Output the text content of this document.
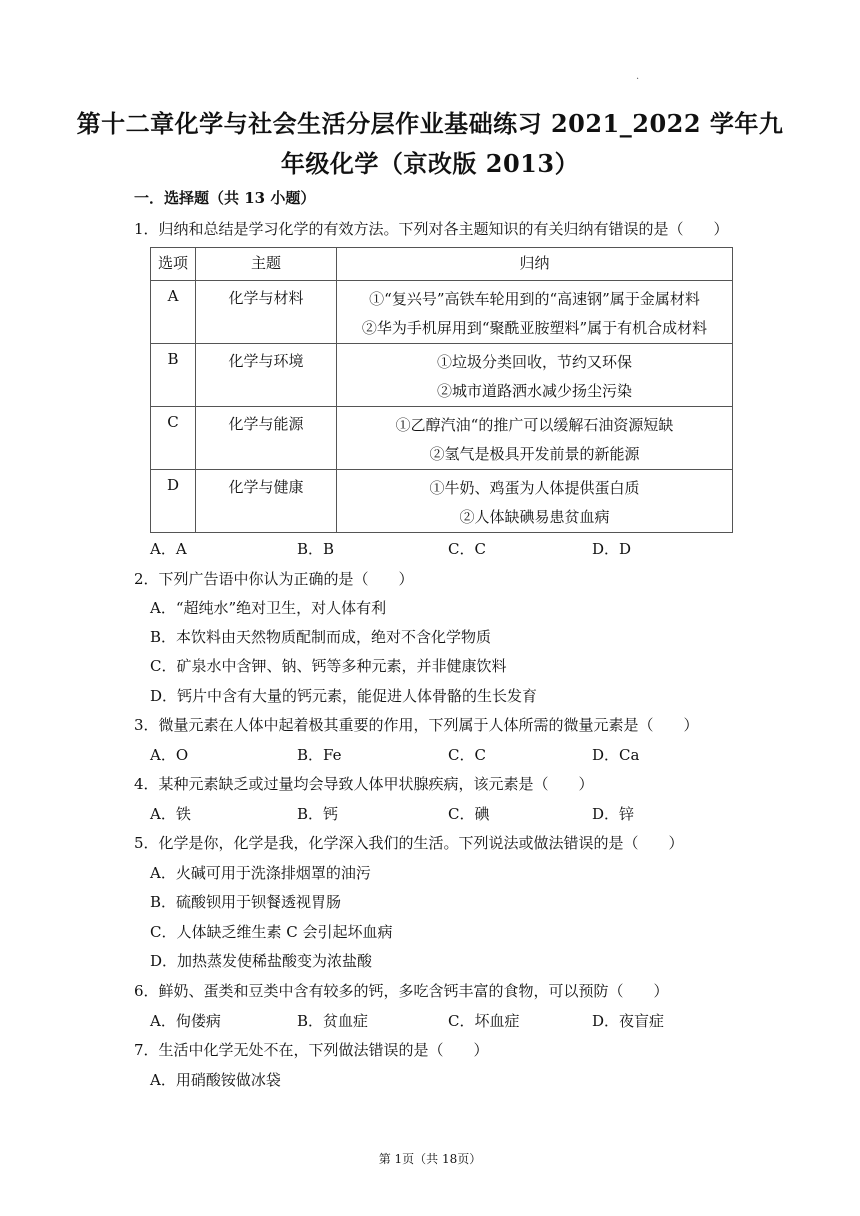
·
第十二章化学与社会生活分层作业基础练习 2021_2022 学年九
年级化学（京改版 2013）
一．选择题（共 13 小题）
1．归纳和总结是学习化学的有效方法。下列对各主题知识的有关归纳有错误的是（　　）
选项	主题	归纳
A	化学与材料	①“复兴号”高铁车轮用到的“高速钢”属于金属材料
②华为手机屏用到“聚酰亚胺塑料”属于有机合成材料

B	化学与环境	①垃圾分类回收，节约又环保
②城市道路洒水减少扬尘污染

C	化学与能源	①乙醇汽油“的推广可以缓解石油资源短缺
②氢气是极具开发前景的新能源

D	化学与健康	①牛奶、鸡蛋为人体提供蛋白质
②人体缺碘易患贫血病
A．A	B．B	C．C	D．D
2．下列广告语中你认为正确的是（　　）
A．“超纯水”绝对卫生，对人体有利
B．本饮料由天然物质配制而成，绝对不含化学物质
C．矿泉水中含钾、钠、钙等多种元素，并非健康饮料
D．钙片中含有大量的钙元素，能促进人体骨骼的生长发育
3．微量元素在人体中起着极其重要的作用，下列属于人体所需的微量元素是（　　）
A．O	B．Fe	C．C	D．Ca
4．某种元素缺乏或过量均会导致人体甲状腺疾病，该元素是（　　）
A．铁	B．钙	C．碘	D．锌
5．化学是你，化学是我，化学深入我们的生活。下列说法或做法错误的是（　　）
A．火碱可用于洗涤排烟罩的油污
B．硫酸钡用于钡餐透视胃肠
C．人体缺乏维生素 C 会引起坏血病
D．加热蒸发使稀盐酸变为浓盐酸
6．鲜奶、蛋类和豆类中含有较多的钙，多吃含钙丰富的食物，可以预防（　　）
A．佝偻病	B．贫血症	C．坏血症	D．夜盲症
7．生活中化学无处不在，下列做法错误的是（　　）
A．用硝酸铵做冰袋
第 1页（共 18页）
